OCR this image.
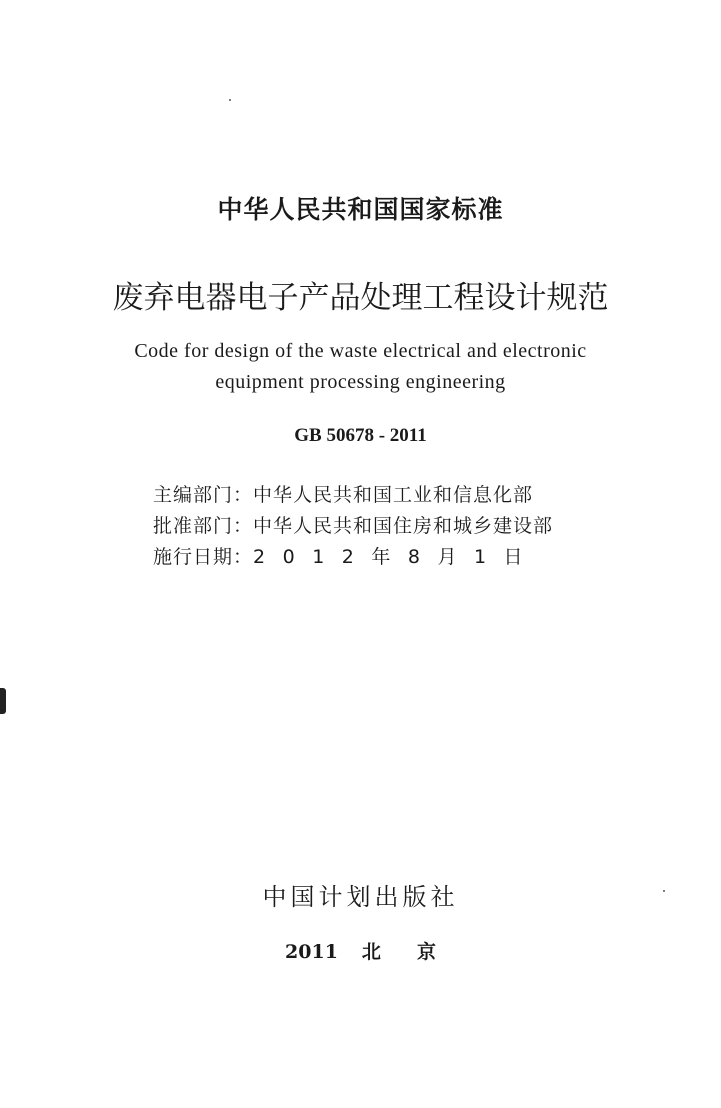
中华人民共和国国家标准
废弃电器电子产品处理工程设计规范
Code for design of the waste electrical and electronic
equipment processing engineering
GB 50678 - 2011
主编部门：中华人民共和国工业和信息化部
批准部门：中华人民共和国住房和城乡建设部
施行日期：2012年8月1日
中国计划出版社
2011 北 京
